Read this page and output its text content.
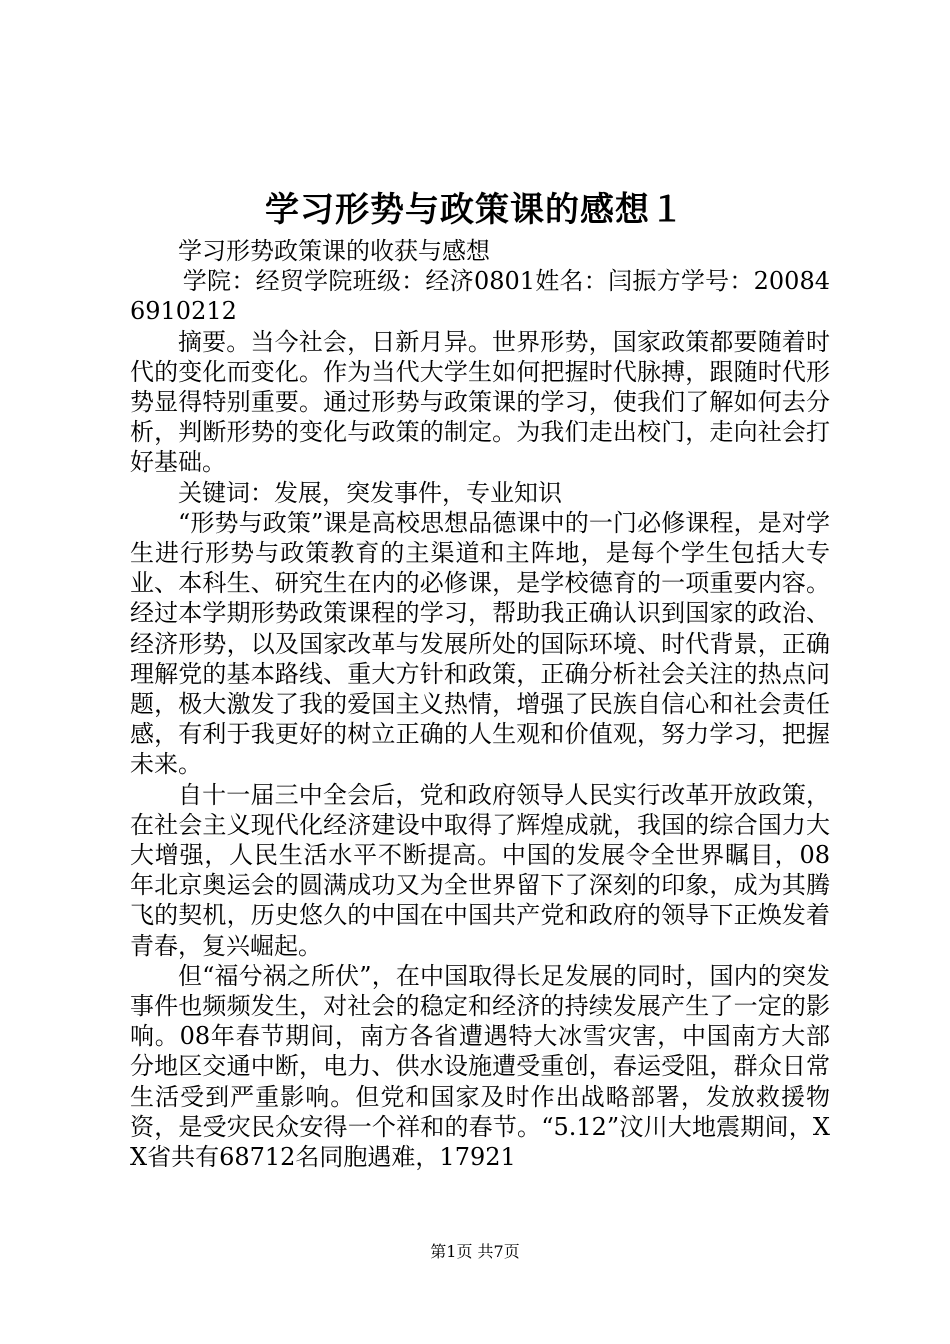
学习形势与政策课的感想１

学习形势政策课的收获与感想

学院：经贸学院班级：经济0801姓名：闫振方学号：200846910212

摘要。当今社会，日新月异。世界形势，国家政策都要随着时代的变化而变化。作为当代大学生如何把握时代脉搏，跟随时代形势显得特别重要。通过形势与政策课的学习，使我们了解如何去分析，判断形势的变化与政策的制定。为我们走出校门，走向社会打好基础。

关键词：发展，突发事件，专业知识

“形势与政策”课是高校思想品德课中的一门必修课程，是对学生进行形势与政策教育的主渠道和主阵地，是每个学生包括大专业、本科生、研究生在内的必修课，是学校德育的一项重要内容。经过本学期形势政策课程的学习，帮助我正确认识到国家的政治、经济形势，以及国家改革与发展所处的国际环境、时代背景，正确理解党的基本路线、重大方针和政策，正确分析社会关注的热点问题，极大激发了我的爱国主义热情，增强了民族自信心和社会责任感，有利于我更好的树立正确的人生观和价值观，努力学习，把握未来。

自十一届三中全会后，党和政府领导人民实行改革开放政策，在社会主义现代化经济建设中取得了辉煌成就，我国的综合国力大大增强，人民生活水平不断提高。中国的发展令全世界瞩目，08年北京奥运会的圆满成功又为全世界留下了深刻的印象，成为其腾飞的契机，历史悠久的中国在中国共产党和政府的领导下正焕发着青春，复兴崛起。

但“福兮祸之所伏”，在中国取得长足发展的同时，国内的突发事件也频频发生，对社会的稳定和经济的持续发展产生了一定的影响。08年春节期间，南方各省遭遇特大冰雪灾害，中国南方大部分地区交通中断，电力、供水设施遭受重创，春运受阻，群众日常生活受到严重影响。但党和国家及时作出战略部署，发放救援物资，是受灾民众安得一个祥和的春节。“5.12”汶川大地震期间，XX省共有68712名同胞遇难，17921

第1页 共7页
